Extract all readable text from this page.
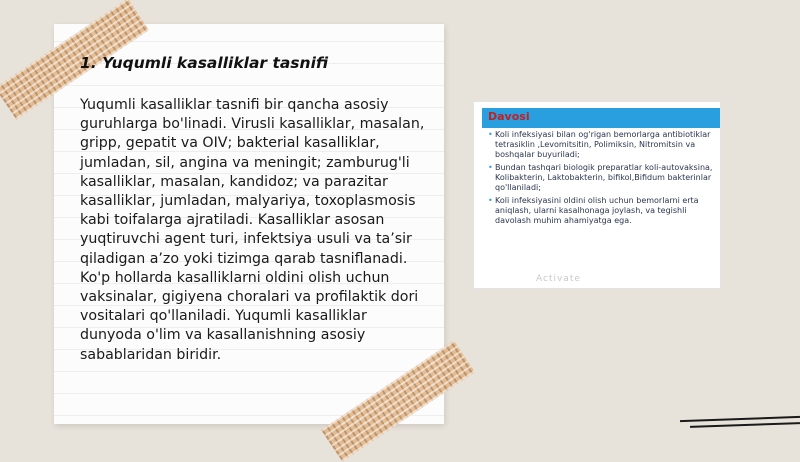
1. Yuqumli kasalliklar tasnifi
Yuqumli kasalliklar tasnifi bir qancha asosiy guruhlarga bo'linadi. Virusli kasalliklar, masalan, gripp, gepatit va OIV; bakterial kasalliklar, jumladan, sil, angina va meningit; zamburug'li kasalliklar, masalan, kandidoz; va parazitar kasalliklar, jumladan, malyariya, toxoplasmosis kabi toifalarga ajratiladi. Kasalliklar asosan yuqtiruvchi agent turi, infektsiya usuli va ta’sir qiladigan a’zo yoki tizimga qarab tasniflanadi. Ko'p hollarda kasalliklarni oldini olish uchun vaksinalar, gigiyena choralari va profilaktik dori vositalari qo'llaniladi. Yuqumli kasalliklar dunyoda o'lim va kasallanishning asosiy sabablaridan biridir.
Davosi
• Koli infeksiyasi bilan og'rigan bemorlarga antibiotiklar tetrasiklin ,Levomitsitin, Polimiksin, Nitromitsin va boshqalar buyuriladi;
• Bundan tashqari biologik preparatlar koli-autovaksina, Kolibakterin, Laktobakterin, bifikol,Bifidum bakterinlar qo'llaniladi;
• Koli infeksiyasini oldini olish uchun bemorlarni erta aniqlash, ularni kasalhonaga joylash, va tegishli davolash muhim ahamiyatga ega.
Activate
